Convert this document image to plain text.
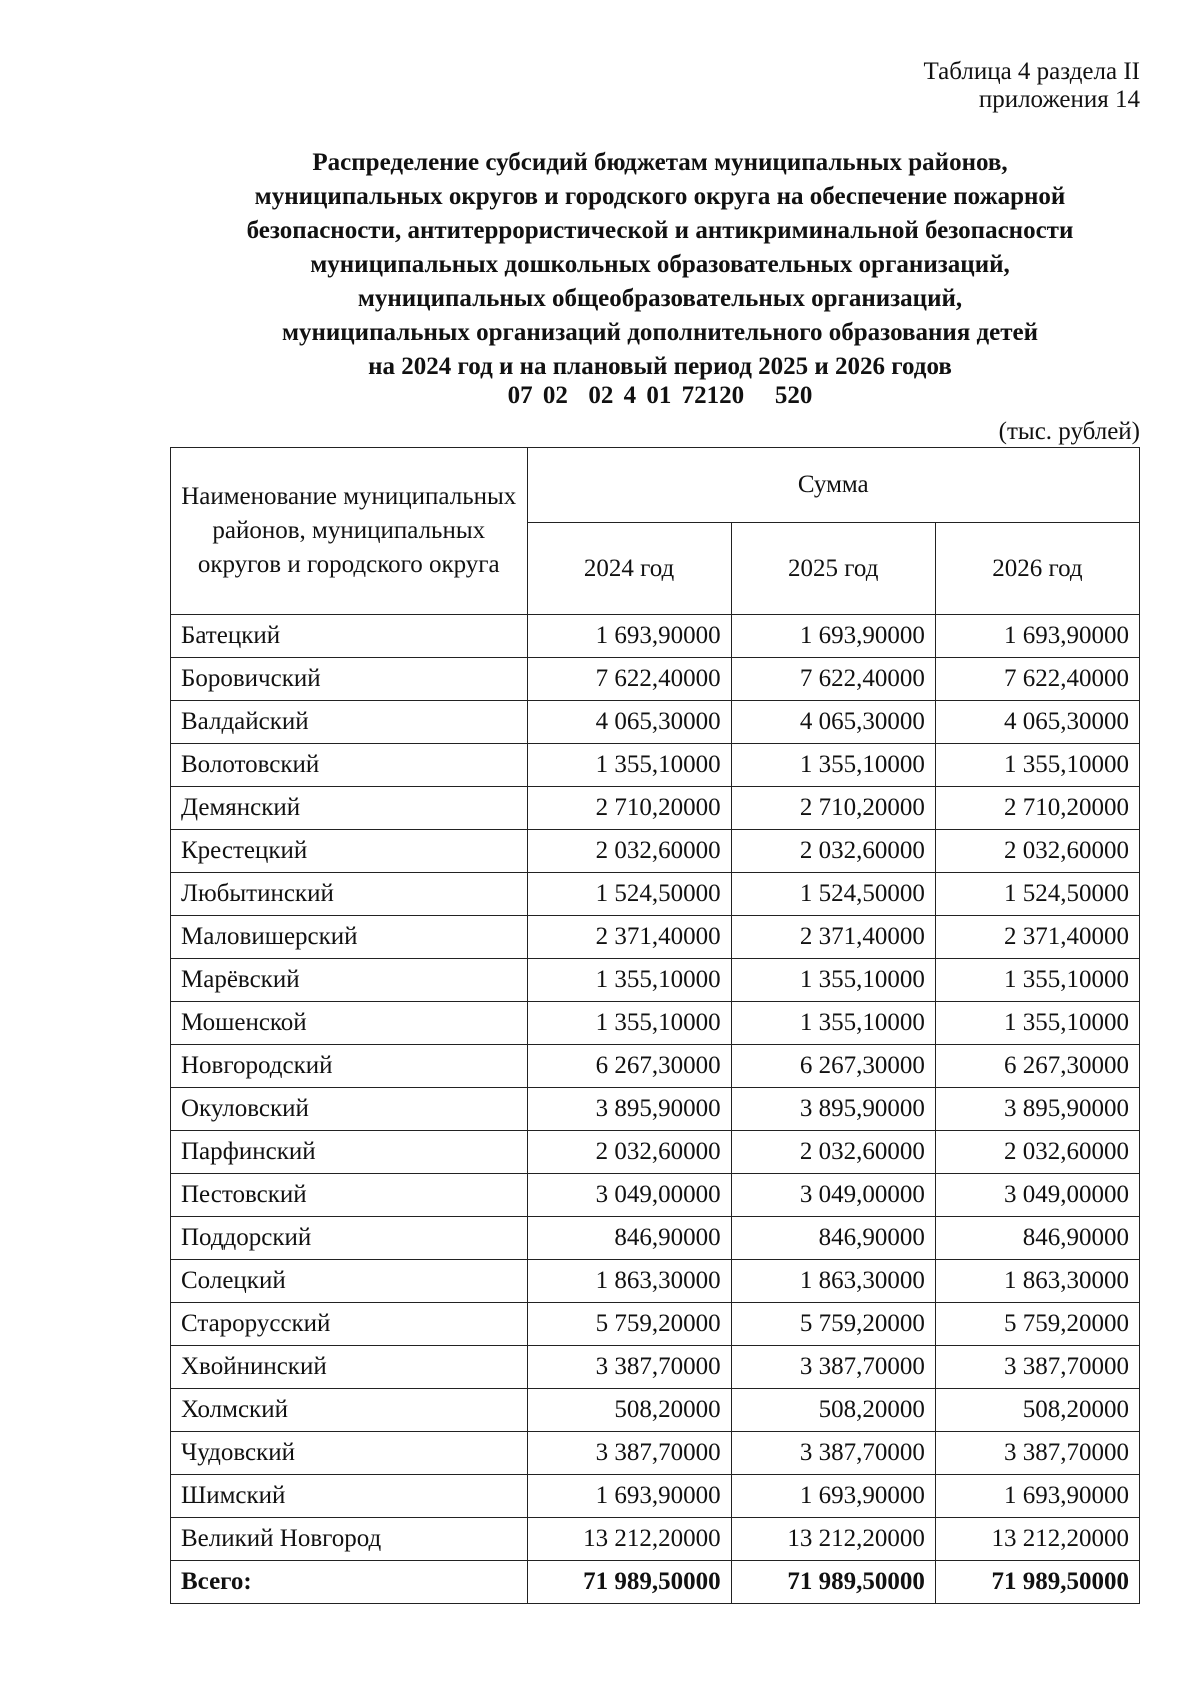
Таблица 4 раздела II
приложения 14
Распределение субсидий бюджетам муниципальных районов,
муниципальных округов и городского округа на обеспечение пожарной
безопасности, антитеррористической и антикриминальной безопасности
муниципальных дошкольных образовательных организаций,
муниципальных общеобразовательных организаций,
муниципальных организаций дополнительного образования детей
на 2024 год и на плановый период 2025 и 2026 годов
07 02  02 4 01 72120   520
(тыс. рублей)
Наименование муниципальных районов, муниципальных округов и городского округа	Сумма		
	2024 год	2025 год	2026 год
Батецкий	1 693,90000	1 693,90000	1 693,90000
Боровичский	7 622,40000	7 622,40000	7 622,40000
Валдайский	4 065,30000	4 065,30000	4 065,30000
Волотовский	1 355,10000	1 355,10000	1 355,10000
Демянский	2 710,20000	2 710,20000	2 710,20000
Крестецкий	2 032,60000	2 032,60000	2 032,60000
Любытинский	1 524,50000	1 524,50000	1 524,50000
Маловишерский	2 371,40000	2 371,40000	2 371,40000
Марёвский	1 355,10000	1 355,10000	1 355,10000
Мошенской	1 355,10000	1 355,10000	1 355,10000
Новгородский	6 267,30000	6 267,30000	6 267,30000
Окуловский	3 895,90000	3 895,90000	3 895,90000
Парфинский	2 032,60000	2 032,60000	2 032,60000
Пестовский	3 049,00000	3 049,00000	3 049,00000
Поддорский	846,90000	846,90000	846,90000
Солецкий	1 863,30000	1 863,30000	1 863,30000
Старорусский	5 759,20000	5 759,20000	5 759,20000
Хвойнинский	3 387,70000	3 387,70000	3 387,70000
Холмский	508,20000	508,20000	508,20000
Чудовский	3 387,70000	3 387,70000	3 387,70000
Шимский	1 693,90000	1 693,90000	1 693,90000
Великий Новгород	13 212,20000	13 212,20000	13 212,20000
Всего:	71 989,50000	71 989,50000	71 989,50000
